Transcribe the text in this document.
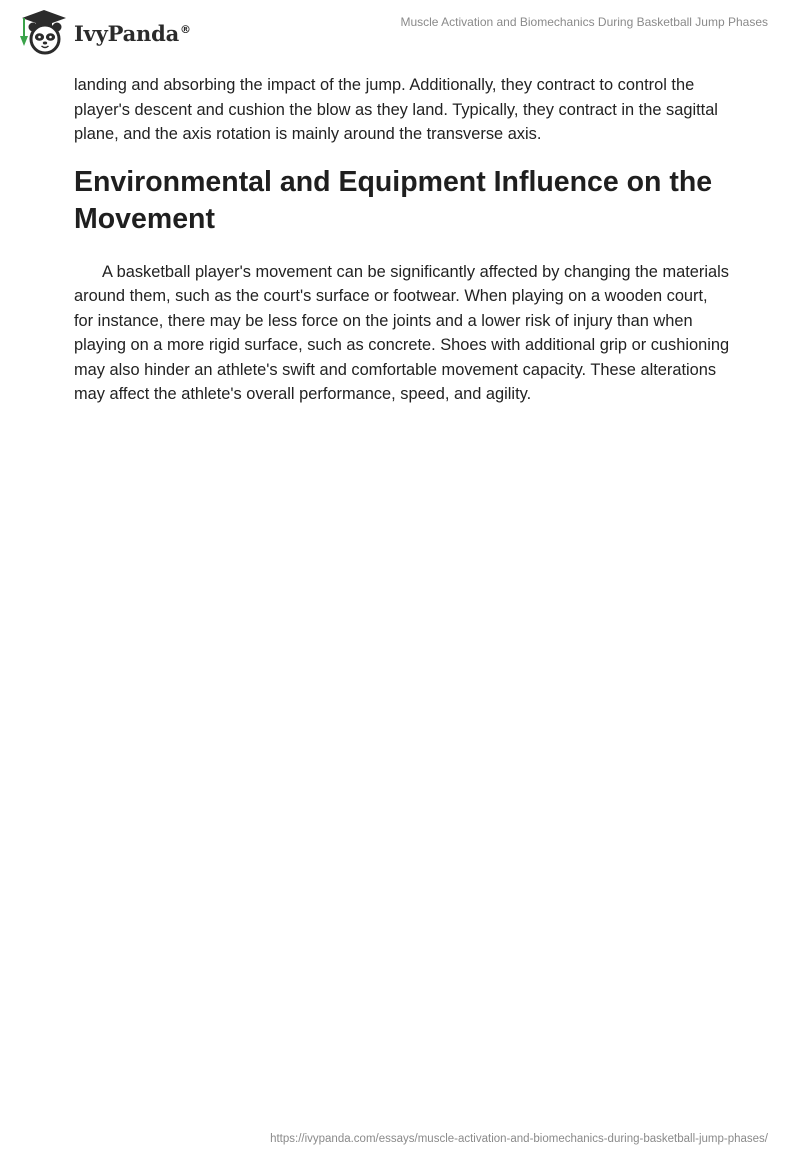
IvyPanda®	Muscle Activation and Biomechanics During Basketball Jump Phases

landing and absorbing the impact of the jump. Additionally, they contract to control the player's descent and cushion the blow as they land. Typically, they contract in the sagittal plane, and the axis rotation is mainly around the transverse axis.

Environmental and Equipment Influence on the Movement

A basketball player's movement can be significantly affected by changing the materials around them, such as the court's surface or footwear. When playing on a wooden court, for instance, there may be less force on the joints and a lower risk of injury than when playing on a more rigid surface, such as concrete. Shoes with additional grip or cushioning may also hinder an athlete's swift and comfortable movement capacity. These alterations may affect the athlete's overall performance, speed, and agility.

https://ivypanda.com/essays/muscle-activation-and-biomechanics-during-basketball-jump-phases/
